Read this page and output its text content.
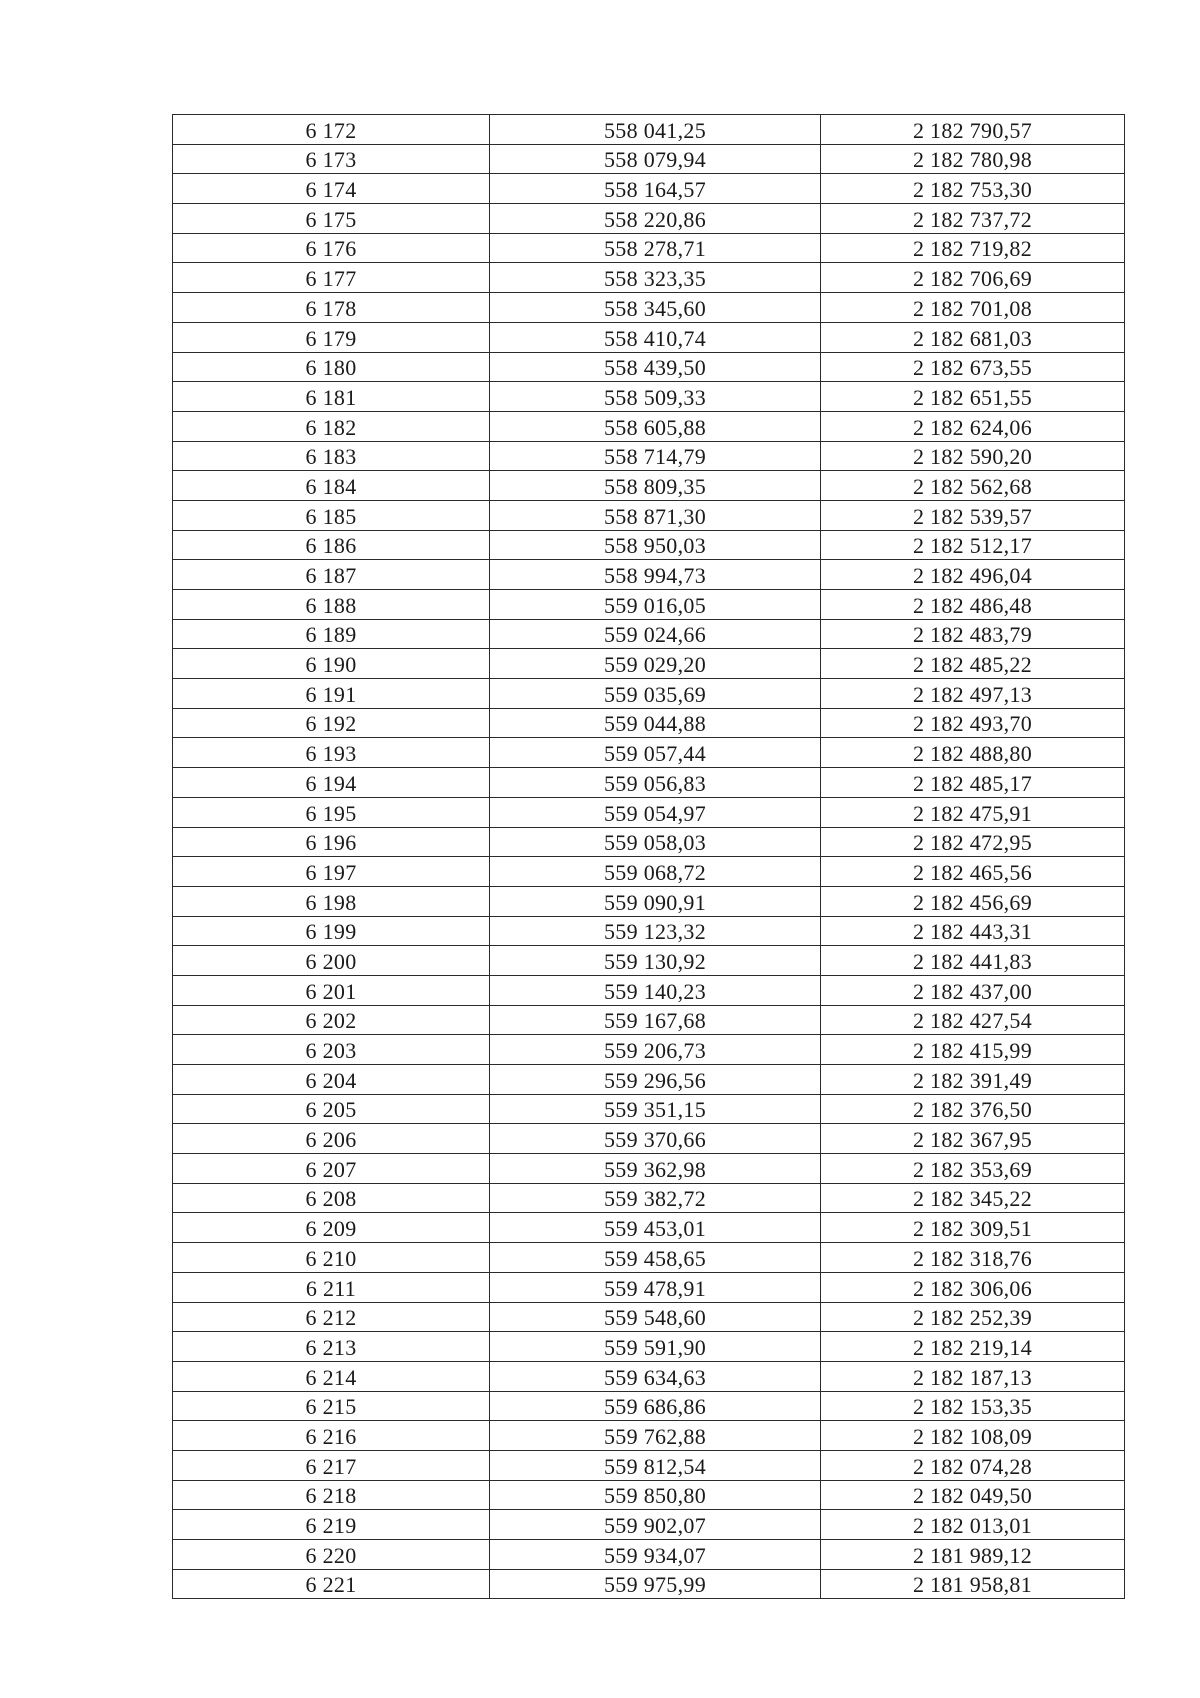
6 172	558 041,25	2 182 790,57
6 173	558 079,94	2 182 780,98
6 174	558 164,57	2 182 753,30
6 175	558 220,86	2 182 737,72
6 176	558 278,71	2 182 719,82
6 177	558 323,35	2 182 706,69
6 178	558 345,60	2 182 701,08
6 179	558 410,74	2 182 681,03
6 180	558 439,50	2 182 673,55
6 181	558 509,33	2 182 651,55
6 182	558 605,88	2 182 624,06
6 183	558 714,79	2 182 590,20
6 184	558 809,35	2 182 562,68
6 185	558 871,30	2 182 539,57
6 186	558 950,03	2 182 512,17
6 187	558 994,73	2 182 496,04
6 188	559 016,05	2 182 486,48
6 189	559 024,66	2 182 483,79
6 190	559 029,20	2 182 485,22
6 191	559 035,69	2 182 497,13
6 192	559 044,88	2 182 493,70
6 193	559 057,44	2 182 488,80
6 194	559 056,83	2 182 485,17
6 195	559 054,97	2 182 475,91
6 196	559 058,03	2 182 472,95
6 197	559 068,72	2 182 465,56
6 198	559 090,91	2 182 456,69
6 199	559 123,32	2 182 443,31
6 200	559 130,92	2 182 441,83
6 201	559 140,23	2 182 437,00
6 202	559 167,68	2 182 427,54
6 203	559 206,73	2 182 415,99
6 204	559 296,56	2 182 391,49
6 205	559 351,15	2 182 376,50
6 206	559 370,66	2 182 367,95
6 207	559 362,98	2 182 353,69
6 208	559 382,72	2 182 345,22
6 209	559 453,01	2 182 309,51
6 210	559 458,65	2 182 318,76
6 211	559 478,91	2 182 306,06
6 212	559 548,60	2 182 252,39
6 213	559 591,90	2 182 219,14
6 214	559 634,63	2 182 187,13
6 215	559 686,86	2 182 153,35
6 216	559 762,88	2 182 108,09
6 217	559 812,54	2 182 074,28
6 218	559 850,80	2 182 049,50
6 219	559 902,07	2 182 013,01
6 220	559 934,07	2 181 989,12
6 221	559 975,99	2 181 958,81
